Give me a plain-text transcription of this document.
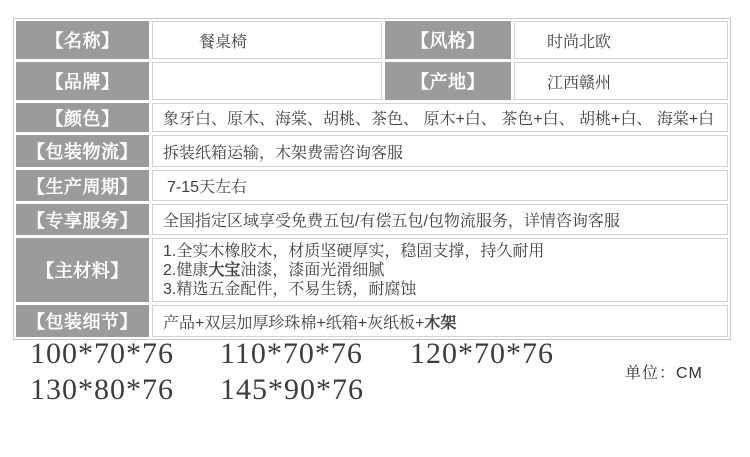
【名称】	餐桌椅	【风格】	时尚北欧
【品牌】	【产地】	江西赣州
【颜色】	象牙白、原木、海棠、胡桃、茶色、 原木+白、 茶色+白、 胡桃+白、 海棠+白
【包装物流】	拆装纸箱运输，木架费需咨询客服
【生产周期】	7-15天左右
【专享服务】	全国指定区域享受免费五包/有偿五包/包物流服务，详情咨询客服
【主材料】
1.全实木橡胶木，材质坚硬厚实，稳固支撑，持久耐用
2.健康大宝油漆，漆面光滑细腻
3.精选五金配件，不易生锈，耐腐蚀
【包装细节】	产品+双层加厚珍珠棉+纸箱+灰纸板+ 木架
100*70*76 110*70*76 120*70*76
130*80*76 145*90*76	单位：CM
